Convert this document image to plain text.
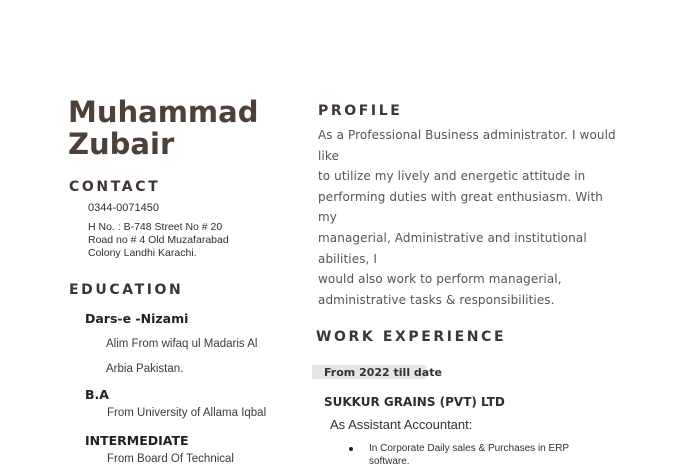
Muhammad
Zubair
CONTACT
0344-0071450
H No. : B-748 Street No # 20
Road no # 4 Old Muzafarabad
Colony Landhi Karachi.
EDUCATION
Dars-e -Nizami
Alim From wifaq ul Madaris Al
Arbia Pakistan.
B.A
From University of Allama Iqbal
INTERMEDIATE
From Board Of Technical
PROFILE
As a Professional Business administrator. I would like
to utilize my lively and energetic attitude in
performing duties with great enthusiasm. With my
managerial, Administrative and institutional abilities, I
would also work to perform managerial,
administrative tasks & responsibilities.
WORK EXPERIENCE
From 2022 till date
SUKKUR GRAINS (PVT) LTD
As Assistant Accountant:
In Corporate Daily sales & Purchases in ERP
software.
